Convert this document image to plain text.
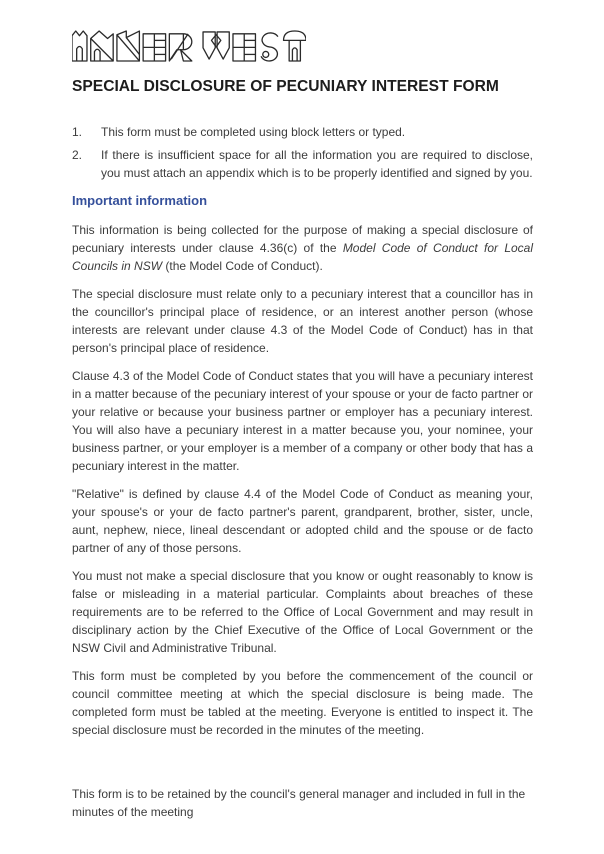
SPECIAL DISCLOSURE OF PECUNIARY INTEREST FORM
1.	This form must be completed using block letters or typed.
2.	If there is insufficient space for all the information you are required to disclose, you must attach an appendix which is to be properly identified and signed by you.
Important information

This information is being collected for the purpose of making a special disclosure of pecuniary interests under clause 4.36(c) of the Model Code of Conduct for Local Councils in NSW (the Model Code of Conduct).

The special disclosure must relate only to a pecuniary interest that a councillor has in the councillor's principal place of residence, or an interest another person (whose interests are relevant under clause 4.3 of the Model Code of Conduct) has in that person's principal place of residence.

Clause 4.3 of the Model Code of Conduct states that you will have a pecuniary interest in a matter because of the pecuniary interest of your spouse or your de facto partner or your relative or because your business partner or employer has a pecuniary interest. You will also have a pecuniary interest in a matter because you, your nominee, your business partner, or your employer is a member of a company or other body that has a pecuniary interest in the matter.

"Relative" is defined by clause 4.4 of the Model Code of Conduct as meaning your, your spouse's or your de facto partner's parent, grandparent, brother, sister, uncle, aunt, nephew, niece, lineal descendant or adopted child and the spouse or de facto partner of any of those persons.

You must not make a special disclosure that you know or ought reasonably to know is false or misleading in a material particular. Complaints about breaches of these requirements are to be referred to the Office of Local Government and may result in disciplinary action by the Chief Executive of the Office of Local Government or the NSW Civil and Administrative Tribunal.

This form must be completed by you before the commencement of the council or council committee meeting at which the special disclosure is being made. The completed form must be tabled at the meeting. Everyone is entitled to inspect it. The special disclosure must be recorded in the minutes of the meeting.

This form is to be retained by the council's general manager and included in full in the minutes of the meeting
